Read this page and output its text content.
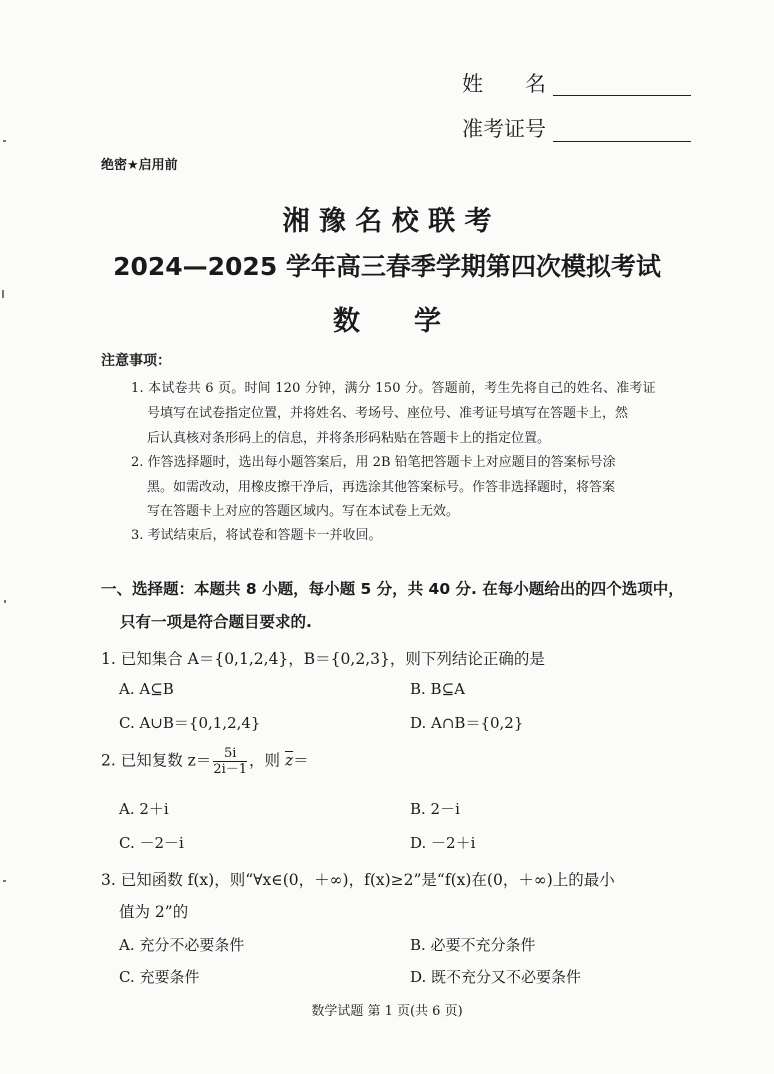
姓　　名
准考证号
绝密★启用前
湘 豫 名 校 联 考
2024—2025 学年高三春季学期第四次模拟考试
数　　学
注意事项：
1. 本试卷共 6 页。时间 120 分钟，满分 150 分。答题前，考生先将自己的姓名、准考证
号填写在试卷指定位置，并将姓名、考场号、座位号、准考证号填写在答题卡上，然
后认真核对条形码上的信息，并将条形码粘贴在答题卡上的指定位置。
2. 作答选择题时，选出每小题答案后，用 2B 铅笔把答题卡上对应题目的答案标号涂
黑。如需改动，用橡皮擦干净后，再选涂其他答案标号。作答非选择题时，将答案
写在答题卡上对应的答题区域内。写在本试卷上无效。
3. 考试结束后，将试卷和答题卡一并收回。
一、选择题：本题共 8 小题，每小题 5 分，共 40 分. 在每小题给出的四个选项中，
只有一项是符合题目要求的.
1. 已知集合 A＝{0,1,2,4}，B＝{0,2,3}，则下列结论正确的是
A. A⊆B	B. B⊆A
C. A∪B＝{0,1,2,4}	D. A∩B＝{0,2}
2. 已知复数 $z= \frac{5i}{2i-1}$ ，则 $\overline{z}=$
A. 2＋i	B. 2－i
C. －2－i	D. －2＋i
3. 已知函数 f(x)，则“∀x∈(0，＋∞)，f(x)≥2”是“f(x)在(0，＋∞)上的最小
值为 2”的
A. 充分不必要条件	B. 必要不充分条件
C. 充要条件	D. 既不充分又不必要条件
数学试题 第 1 页(共 6 页)
